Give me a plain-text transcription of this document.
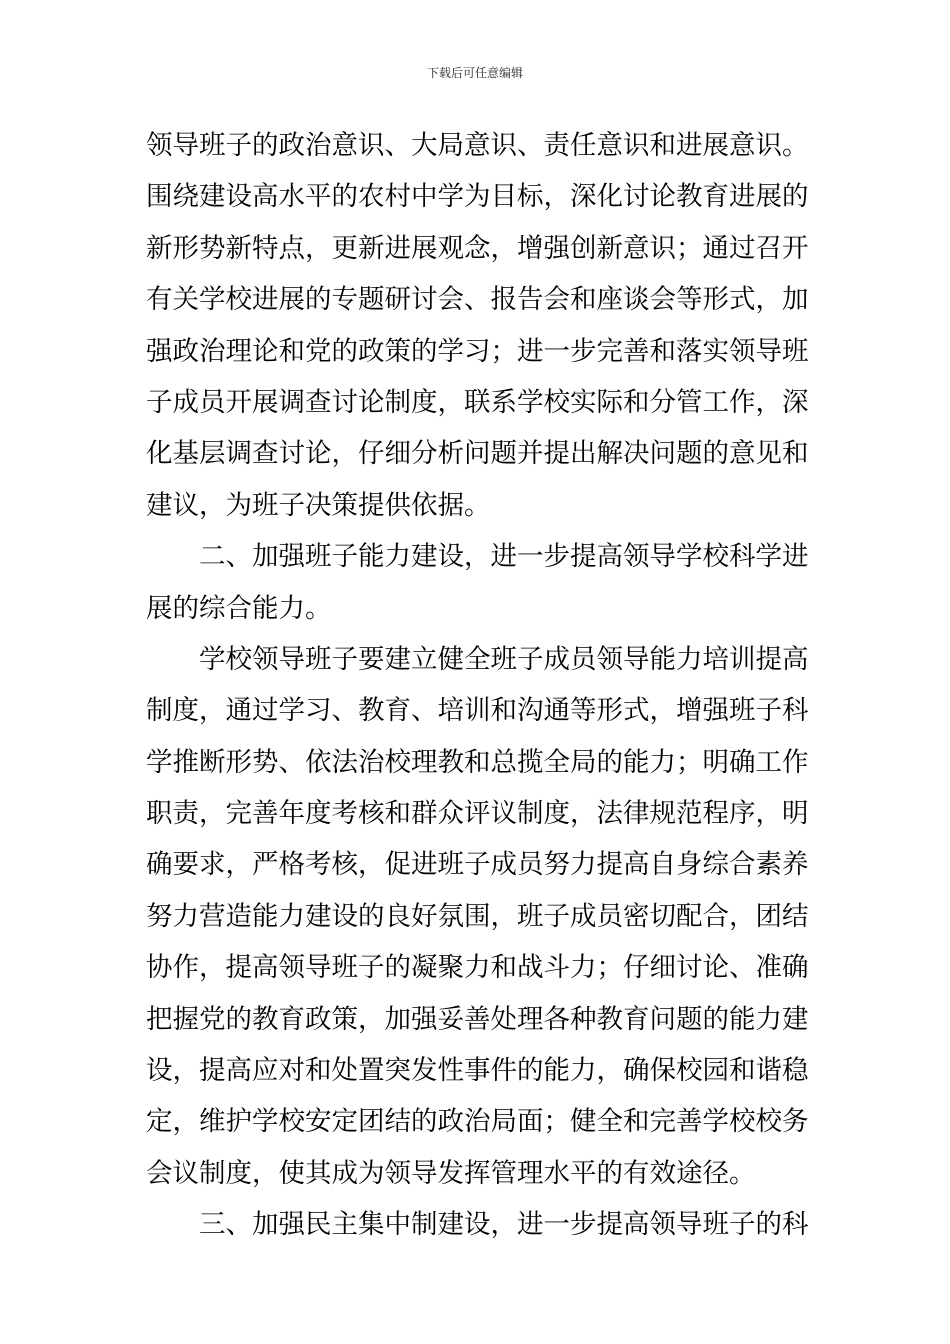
下载后可任意编辑
领导班子的政治意识、大局意识、责任意识和进展意识。
围绕建设高水平的农村中学为目标，深化讨论教育进展的
新形势新特点，更新进展观念，增强创新意识；通过召开
有关学校进展的专题研讨会、报告会和座谈会等形式，加
强政治理论和党的政策的学习；进一步完善和落实领导班
子成员开展调查讨论制度，联系学校实际和分管工作，深
化基层调查讨论，仔细分析问题并提出解决问题的意见和
建议，为班子决策提供依据。
二、加强班子能力建设，进一步提高领导学校科学进
展的综合能力。
学校领导班子要建立健全班子成员领导能力培训提高
制度，通过学习、教育、培训和沟通等形式，增强班子科
学推断形势、依法治校理教和总揽全局的能力；明确工作
职责，完善年度考核和群众评议制度，法律规范程序，明
确要求，严格考核，促进班子成员努力提高自身综合素养
努力营造能力建设的良好氛围，班子成员密切配合，团结
协作，提高领导班子的凝聚力和战斗力；仔细讨论、准确
把握党的教育政策，加强妥善处理各种教育问题的能力建
设，提高应对和处置突发性事件的能力，确保校园和谐稳
定，维护学校安定团结的政治局面；健全和完善学校校务
会议制度，使其成为领导发挥管理水平的有效途径。
三、加强民主集中制建设，进一步提高领导班子的科
